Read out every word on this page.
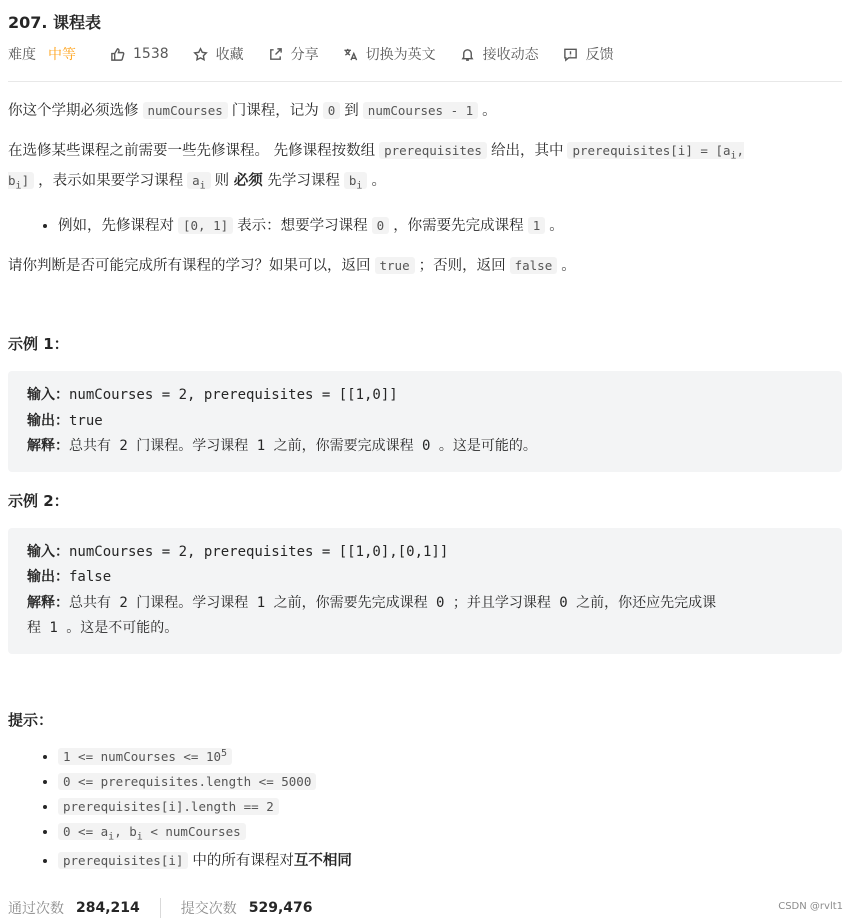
207. 课程表
难度 中等	1538	收藏	分享	切换为英文	接收动态	反馈

你这个学期必须选修 numCourses 门课程，记为 0 到 numCourses - 1 。

在选修某些课程之前需要一些先修课程。 先修课程按数组 prerequisites 给出，其中 prerequisites[i] = [$a_i$,
$b_i$] ，表示如果要学习课程 $a_i$ 则 必须 先学习课程 $b_i$ 。

• 例如，先修课程对 [0, 1] 表示：想要学习课程 0 ，你需要先完成课程 1 。

请你判断是否可能完成所有课程的学习？如果可以，返回 true ；否则，返回 false 。

示例 1：

输入：numCourses = 2, prerequisites = [[1,0]]
输出：true
解释：总共有 2 门课程。学习课程 1 之前，你需要完成课程 0 。这是可能的。

示例 2：

输入：numCourses = 2, prerequisites = [[1,0],[0,1]]
输出：false
解释：总共有 2 门课程。学习课程 1 之前，你需要先完成课程 0 ；并且学习课程 0 之前，你还应先完成课
程 1 。这是不可能的。

提示：

• 1 <= numCourses <= $10^5$
• 0 <= prerequisites.length <= 5000
• prerequisites[i].length == 2
• $0 <= a_i$, $b_i$ < numCourses
• prerequisites[i] 中的所有课程对互不相同
通过次数 284,214	提交次数 529,476	CSDN @rvlt1
